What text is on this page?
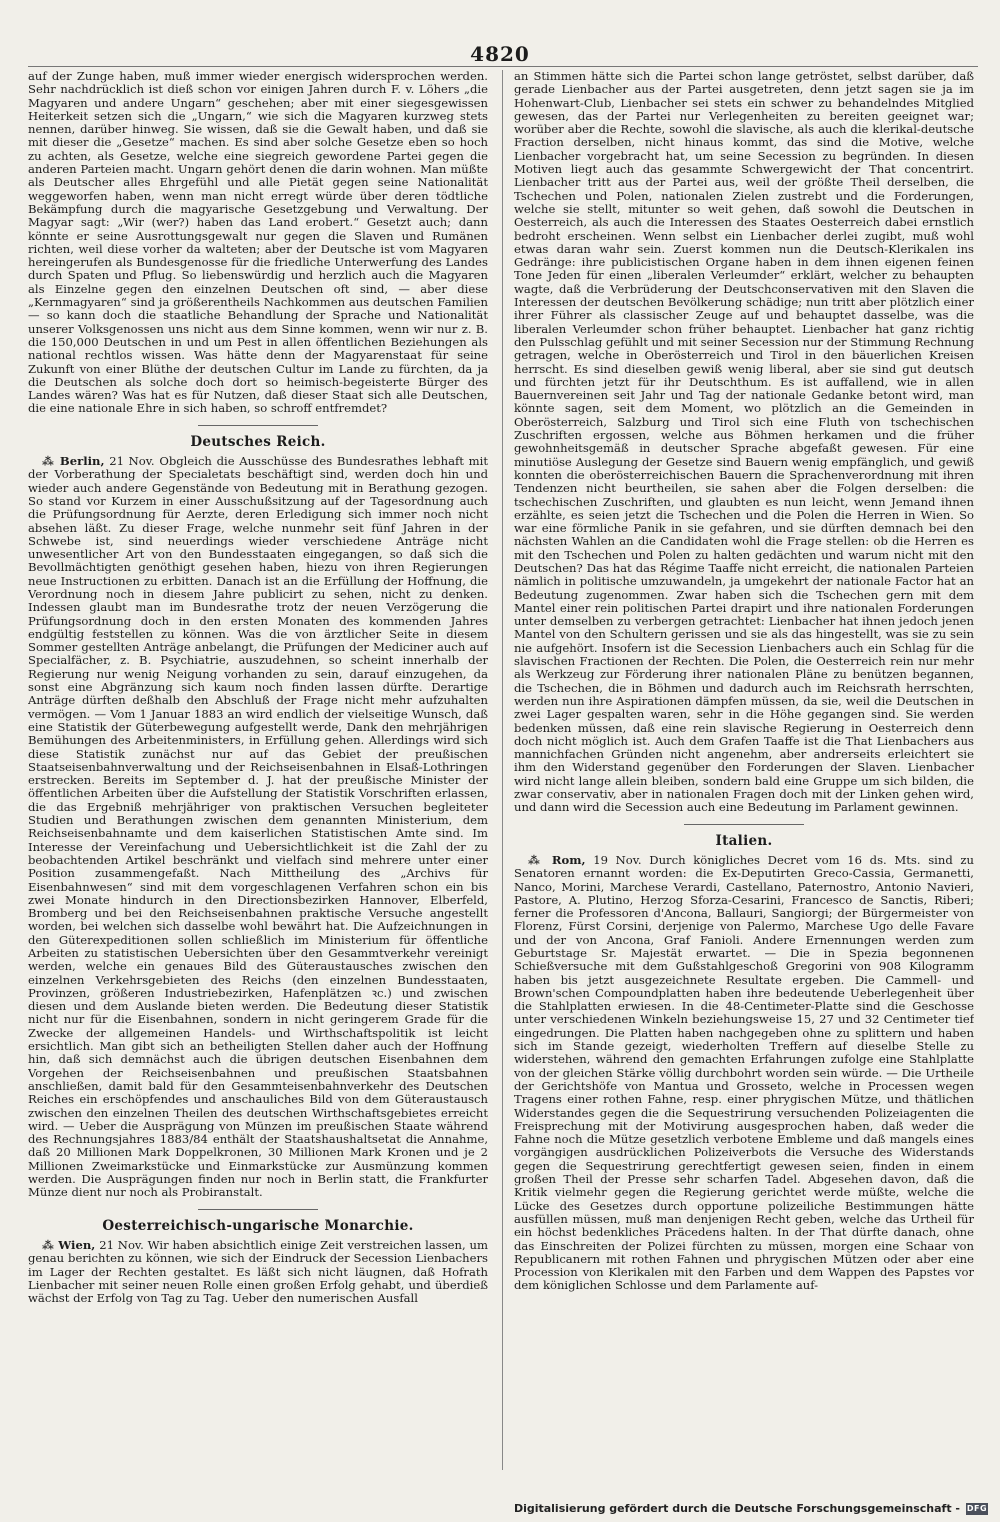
4820

auf der Zunge haben, muß immer wieder energisch widersprochen werden. Sehr nachdrücklich ist dieß schon vor einigen Jahren durch F. v. Löhers „die Magyaren und andere Ungarn“ geschehen; aber mit einer siegesgewissen Heiterkeit setzen sich die „Ungarn,“ wie sich die Magyaren kurzweg stets nennen, darüber hinweg. Sie wissen, daß sie die Gewalt haben, und daß sie mit dieser die „Gesetze“ machen. Es sind aber solche Gesetze eben so hoch zu achten, als Gesetze, welche eine siegreich gewordene Partei gegen die anderen Parteien macht. Ungarn gehört denen die darin wohnen. Man müßte als Deutscher alles Ehrgefühl und alle Pietät gegen seine Nationalität weggeworfen haben, wenn man nicht erregt würde über deren tödtliche Bekämpfung durch die magyarische Gesetzgebung und Verwaltung. Der Magyar sagt: „Wir (wer?) haben das Land erobert.“ Gesetzt auch; dann könnte er seine Ausrottungsgewalt nur gegen die Slaven und Rumänen richten, weil diese vorher da walteten; aber der Deutsche ist vom Magyaren hereingerufen als Bundesgenosse für die friedliche Unterwerfung des Landes durch Spaten und Pflug. So liebenswürdig und herzlich auch die Magyaren als Einzelne gegen den einzelnen Deutschen oft sind, — aber diese „Kernmagyaren“ sind ja größerentheils Nachkommen aus deutschen Familien — so kann doch die staatliche Behandlung der Sprache und Nationalität unserer Volksgenossen uns nicht aus dem Sinne kommen, wenn wir nur z. B. die 150,000 Deutschen in und um Pest in allen öffentlichen Beziehungen als national rechtlos wissen. Was hätte denn der Magyarenstaat für seine Zukunft von einer Blüthe der deutschen Cultur im Lande zu fürchten, da ja die Deutschen als solche doch dort so heimisch-begeisterte Bürger des Landes wären? Was hat es für Nutzen, daß dieser Staat sich alle Deutschen, die eine nationale Ehre in sich haben, so schroff entfremdet?

Deutsches Reich.

⁂ Berlin, 21 Nov. Obgleich die Ausschüsse des Bundesrathes lebhaft mit der Vorberathung der Specialetats beschäftigt sind, werden doch hin und wieder auch andere Gegenstände von Bedeutung mit in Berathung gezogen. So stand vor Kurzem in einer Ausschußsitzung auf der Tagesordnung auch die Prüfungsordnung für Aerzte, deren Erledigung sich immer noch nicht absehen läßt. Zu dieser Frage, welche nunmehr seit fünf Jahren in der Schwebe ist, sind neuerdings wieder verschiedene Anträge nicht unwesentlicher Art von den Bundesstaaten eingegangen, so daß sich die Bevollmächtigten genöthigt gesehen haben, hiezu von ihren Regierungen neue Instructionen zu erbitten. Danach ist an die Erfüllung der Hoffnung, die Verordnung noch in diesem Jahre publicirt zu sehen, nicht zu denken. Indessen glaubt man im Bundesrathe trotz der neuen Verzögerung die Prüfungsordnung doch in den ersten Monaten des kommenden Jahres endgültig feststellen zu können. Was die von ärztlicher Seite in diesem Sommer gestellten Anträge anbelangt, die Prüfungen der Mediciner auch auf Specialfächer, z. B. Psychiatrie, auszudehnen, so scheint innerhalb der Regierung nur wenig Neigung vorhanden zu sein, darauf einzugehen, da sonst eine Abgränzung sich kaum noch finden lassen dürfte. Derartige Anträge dürften deßhalb den Abschluß der Frage nicht mehr aufzuhalten vermögen. — Vom 1 Januar 1883 an wird endlich der vielseitige Wunsch, daß eine Statistik der Güterbewegung aufgestellt werde, Dank den mehrjährigen Bemühungen des Arbeitenministers, in Erfüllung gehen. Allerdings wird sich diese Statistik zunächst nur auf das Gebiet der preußischen Staatseisenbahnverwaltung und der Reichseisenbahnen in Elsaß-Lothringen erstrecken. Bereits im September d. J. hat der preußische Minister der öffentlichen Arbeiten über die Aufstellung der Statistik Vorschriften erlassen, die das Ergebniß mehrjähriger von praktischen Versuchen begleiteter Studien und Berathungen zwischen dem genannten Ministerium, dem Reichseisenbahnamte und dem kaiserlichen Statistischen Amte sind. Im Interesse der Vereinfachung und Uebersichtlichkeit ist die Zahl der zu beobachtenden Artikel beschränkt und vielfach sind mehrere unter einer Position zusammengefaßt. Nach Mittheilung des „Archivs für Eisenbahnwesen“ sind mit dem vorgeschlagenen Verfahren schon ein bis zwei Monate hindurch in den Directionsbezirken Hannover, Elberfeld, Bromberg und bei den Reichseisenbahnen praktische Versuche angestellt worden, bei welchen sich dasselbe wohl bewährt hat. Die Aufzeichnungen in den Güterexpeditionen sollen schließlich im Ministerium für öffentliche Arbeiten zu statistischen Uebersichten über den Gesammtverkehr vereinigt werden, welche ein genaues Bild des Güteraustausches zwischen den einzelnen Verkehrsgebieten des Reichs (den einzelnen Bundesstaaten, Provinzen, größeren Industriebezirken, Hafenplätzen ꝛc.) und zwischen diesen und dem Auslande bieten werden. Die Bedeutung dieser Statistik nicht nur für die Eisenbahnen, sondern in nicht geringerem Grade für die Zwecke der allgemeinen Handels- und Wirthschaftspolitik ist leicht ersichtlich. Man gibt sich an betheiligten Stellen daher auch der Hoffnung hin, daß sich demnächst auch die übrigen deutschen Eisenbahnen dem Vorgehen der Reichseisenbahnen und preußischen Staatsbahnen anschließen, damit bald für den Gesammteisenbahnverkehr des Deutschen Reiches ein erschöpfendes und anschauliches Bild von dem Güteraustausch zwischen den einzelnen Theilen des deutschen Wirthschaftsgebietes erreicht wird. — Ueber die Ausprägung von Münzen im preußischen Staate während des Rechnungsjahres 1883/84 enthält der Staatshaushaltsetat die Annahme, daß 20 Millionen Mark Doppelkronen, 30 Millionen Mark Kronen und je 2 Millionen Zweimarkstücke und Einmarkstücke zur Ausmünzung kommen werden. Die Ausprägungen finden nur noch in Berlin statt, die Frankfurter Münze dient nur noch als Probiranstalt.

Oesterreichisch-ungarische Monarchie.

⁂ Wien, 21 Nov. Wir haben absichtlich einige Zeit verstreichen lassen, um genau berichten zu können, wie sich der Eindruck der Secession Lienbachers im Lager der Rechten gestaltet. Es läßt sich nicht läugnen, daß Hofrath Lienbacher mit seiner neuen Rolle einen großen Erfolg gehabt, und überdieß wächst der Erfolg von Tag zu Tag. Ueber den numerischen Ausfall

an Stimmen hätte sich die Partei schon lange getröstet, selbst darüber, daß gerade Lienbacher aus der Partei ausgetreten, denn jetzt sagen sie ja im Hohenwart-Club, Lienbacher sei stets ein schwer zu behandelndes Mitglied gewesen, das der Partei nur Verlegenheiten zu bereiten geeignet war; worüber aber die Rechte, sowohl die slavische, als auch die klerikal-deutsche Fraction derselben, nicht hinaus kommt, das sind die Motive, welche Lienbacher vorgebracht hat, um seine Secession zu begründen. In diesen Motiven liegt auch das gesammte Schwergewicht der That concentrirt. Lienbacher tritt aus der Partei aus, weil der größte Theil derselben, die Tschechen und Polen, nationalen Zielen zustrebt und die Forderungen, welche sie stellt, mitunter so weit gehen, daß sowohl die Deutschen in Oesterreich, als auch die Interessen des Staates Oesterreich dabei ernstlich bedroht erscheinen. Wenn selbst ein Lienbacher derlei zugibt, muß wohl etwas daran wahr sein. Zuerst kommen nun die Deutsch-Klerikalen ins Gedränge: ihre publicistischen Organe haben in dem ihnen eigenen feinen Tone Jeden für einen „liberalen Verleumder“ erklärt, welcher zu behaupten wagte, daß die Verbrüderung der Deutschconservativen mit den Slaven die Interessen der deutschen Bevölkerung schädige; nun tritt aber plötzlich einer ihrer Führer als classischer Zeuge auf und behauptet dasselbe, was die liberalen Verleumder schon früher behauptet. Lienbacher hat ganz richtig den Pulsschlag gefühlt und mit seiner Secession nur der Stimmung Rechnung getragen, welche in Oberösterreich und Tirol in den bäuerlichen Kreisen herrscht. Es sind dieselben gewiß wenig liberal, aber sie sind gut deutsch und fürchten jetzt für ihr Deutschthum. Es ist auffallend, wie in allen Bauernvereinen seit Jahr und Tag der nationale Gedanke betont wird, man könnte sagen, seit dem Moment, wo plötzlich an die Gemeinden in Oberösterreich, Salzburg und Tirol sich eine Fluth von tschechischen Zuschriften ergossen, welche aus Böhmen herkamen und die früher gewohnheitsgemäß in deutscher Sprache abgefaßt gewesen. Für eine minutiöse Auslegung der Gesetze sind Bauern wenig empfänglich, und gewiß konnten die oberösterreichischen Bauern die Sprachenverordnung mit ihren Tendenzen nicht beurtheilen, sie sahen aber die Folgen derselben: die tschechischen Zuschriften, und glaubten es nun leicht, wenn Jemand ihnen erzählte, es seien jetzt die Tschechen und die Polen die Herren in Wien. So war eine förmliche Panik in sie gefahren, und sie dürften demnach bei den nächsten Wahlen an die Candidaten wohl die Frage stellen: ob die Herren es mit den Tschechen und Polen zu halten gedächten und warum nicht mit den Deutschen? Das hat das Régime Taaffe nicht erreicht, die nationalen Parteien nämlich in politische umzuwandeln, ja umgekehrt der nationale Factor hat an Bedeutung zugenommen. Zwar haben sich die Tschechen gern mit dem Mantel einer rein politischen Partei drapirt und ihre nationalen Forderungen unter demselben zu verbergen getrachtet: Lienbacher hat ihnen jedoch jenen Mantel von den Schultern gerissen und sie als das hingestellt, was sie zu sein nie aufgehört. Insofern ist die Secession Lienbachers auch ein Schlag für die slavischen Fractionen der Rechten. Die Polen, die Oesterreich rein nur mehr als Werkzeug zur Förderung ihrer nationalen Pläne zu benützen begannen, die Tschechen, die in Böhmen und dadurch auch im Reichsrath herrschten, werden nun ihre Aspirationen dämpfen müssen, da sie, weil die Deutschen in zwei Lager gespalten waren, sehr in die Höhe gegangen sind. Sie werden bedenken müssen, daß eine rein slavische Regierung in Oesterreich denn doch nicht möglich ist. Auch dem Grafen Taaffe ist die That Lienbachers aus mannichfachen Gründen nicht angenehm, aber andrerseits erleichtert sie ihm den Widerstand gegenüber den Forderungen der Slaven. Lienbacher wird nicht lange allein bleiben, sondern bald eine Gruppe um sich bilden, die zwar conservativ, aber in nationalen Fragen doch mit der Linken gehen wird, und dann wird die Secession auch eine Bedeutung im Parlament gewinnen.

Italien.

⁂ Rom, 19 Nov. Durch königliches Decret vom 16 ds. Mts. sind zu Senatoren ernannt worden: die Ex-Deputirten Greco-Cassia, Germanetti, Nanco, Morini, Marchese Verardi, Castellano, Paternostro, Antonio Navieri, Pastore, A. Plutino, Herzog Sforza-Cesarini, Francesco de Sanctis, Riberi; ferner die Professoren d'Ancona, Ballauri, Sangiorgi; der Bürgermeister von Florenz, Fürst Corsini, derjenige von Palermo, Marchese Ugo delle Favare und der von Ancona, Graf Fanioli. Andere Ernennungen werden zum Geburtstage Sr. Majestät erwartet. — Die in Spezia begonnenen Schießversuche mit dem Gußstahlgeschoß Gregorini von 908 Kilogramm haben bis jetzt ausgezeichnete Resultate ergeben. Die Cammell- und Brown'schen Compoundplatten haben ihre bedeutende Ueberlegenheit über die Stahlplatten erwiesen. In die 48-Centimeter-Platte sind die Geschosse unter verschiedenen Winkeln beziehungsweise 15, 27 und 32 Centimeter tief eingedrungen. Die Platten haben nachgegeben ohne zu splittern und haben sich im Stande gezeigt, wiederholten Treffern auf dieselbe Stelle zu widerstehen, während den gemachten Erfahrungen zufolge eine Stahlplatte von der gleichen Stärke völlig durchbohrt worden sein würde. — Die Urtheile der Gerichtshöfe von Mantua und Grosseto, welche in Processen wegen Tragens einer rothen Fahne, resp. einer phrygischen Mütze, und thätlichen Widerstandes gegen die die Sequestrirung versuchenden Polizeiagenten die Freisprechung mit der Motivirung ausgesprochen haben, daß weder die Fahne noch die Mütze gesetzlich verbotene Embleme und daß mangels eines vorgängigen ausdrücklichen Polizeiverbots die Versuche des Widerstands gegen die Sequestrirung gerechtfertigt gewesen seien, finden in einem großen Theil der Presse sehr scharfen Tadel. Abgesehen davon, daß die Kritik vielmehr gegen die Regierung gerichtet werde müßte, welche die Lücke des Gesetzes durch opportune polizeiliche Bestimmungen hätte ausfüllen müssen, muß man denjenigen Recht geben, welche das Urtheil für ein höchst bedenkliches Präcedens halten. In der That dürfte danach, ohne das Einschreiten der Polizei fürchten zu müssen, morgen eine Schaar von Republicanern mit rothen Fahnen und phrygischen Mützen oder aber eine Procession von Klerikalen mit den Farben und dem Wappen des Papstes vor dem königlichen Schlosse und dem Parlamente auf-

Digitalisierung gefördert durch die Deutsche Forschungsgemeinschaft - DFG
